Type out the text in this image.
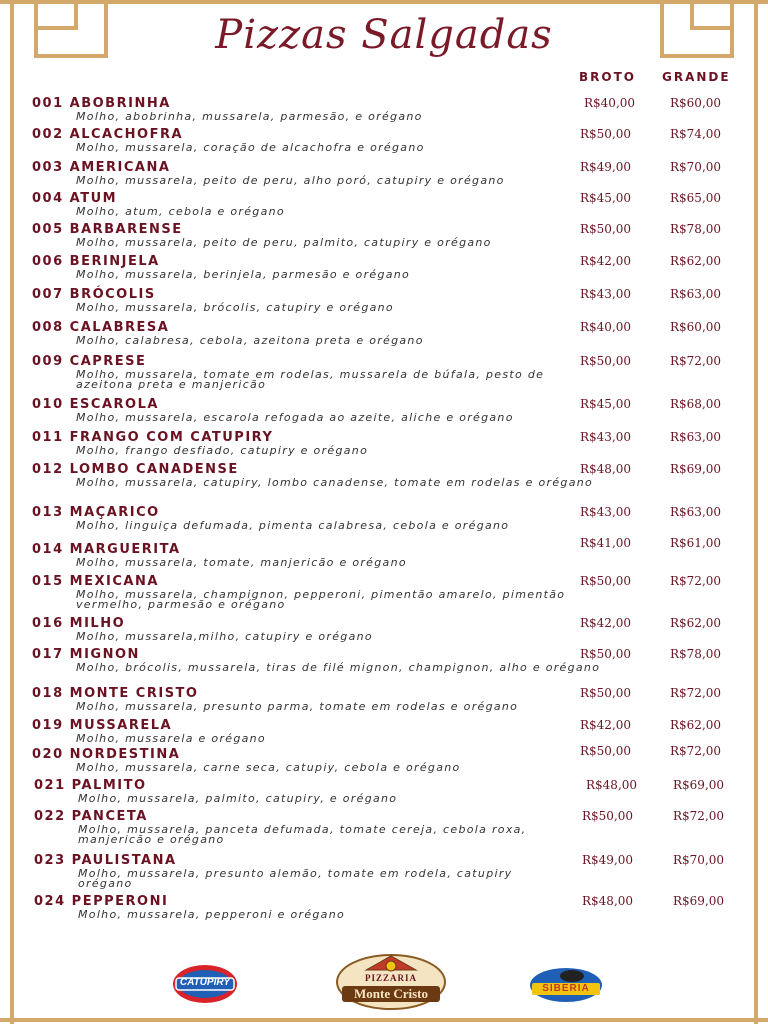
Pizzas Salgadas
BROTO GRANDE
001 ABOBRINHA
Molho, abobrinha, mussarela, parmesão, e orégano
R$40,00	R$60,00
002 ALCACHOFRA
Molho, mussarela, coração de alcachofra e orégano
R$50,00	R$74,00
003 AMERICANA
Molho, mussarela, peito de peru, alho poró, catupiry e orégano
R$49,00	R$70,00
004 ATUM
Molho, atum, cebola e orégano
R$45,00	R$65,00
005 BARBARENSE
Molho, mussarela, peito de peru, palmito, catupiry e orégano
R$50,00	R$78,00
006 BERINJELA
Molho, mussarela, berinjela, parmesão e orégano
R$42,00	R$62,00
007 BRÓCOLIS
Molho, mussarela, brócolis, catupiry e orégano
R$43,00	R$63,00
008 CALABRESA
Molho, calabresa, cebola, azeitona preta e orégano
R$40,00	R$60,00
009 CAPRESE
Molho, mussarela, tomate em rodelas, mussarela de búfala, pesto de azeitona preta e manjericão
R$50,00	R$72,00
010 ESCAROLA
Molho, mussarela, escarola refogada ao azeite, aliche e orégano
R$45,00	R$68,00
011 FRANGO COM CATUPIRY
Molho, frango desfiado, catupiry e orégano
R$43,00	R$63,00
012 LOMBO CANADENSE
Molho, mussarela, catupiry, lombo canadense, tomate em rodelas e orégano
R$48,00	R$69,00
013 MAÇARICO
Molho, linguiça defumada, pimenta calabresa, cebola e orégano
R$43,00	R$63,00
014 MARGUERITA
Molho, mussarela, tomate, manjericão e orégano
R$41,00	R$61,00
015 MEXICANA
Molho, mussarela, champignon, pepperoni, pimentão amarelo, pimentão vermelho, parmesão e orégano
R$50,00	R$72,00
016 MILHO
Molho, mussarela,milho, catupiry e orégano
R$42,00	R$62,00
017 MIGNON
Molho, brócolis, mussarela, tiras de filé mignon, champignon, alho e orégano
R$50,00	R$78,00
018 MONTE CRISTO
Molho, mussarela, presunto parma, tomate em rodelas e orégano
R$50,00	R$72,00
019 MUSSARELA
Molho, mussarela e orégano
R$42,00	R$62,00
020 NORDESTINA
Molho, mussarela, carne seca, catupiy, cebola e orégano
R$50,00	R$72,00
021 PALMITO
Molho, mussarela, palmito, catupiry, e orégano
R$48,00	R$69,00
022 PANCETA
Molho, mussarela, panceta defumada, tomate cereja, cebola roxa, manjericão e orégano
R$50,00	R$72,00
023 PAULISTANA
Molho, mussarela, presunto alemão, tomate em rodela, catupiry orégano
R$49,00	R$70,00
024 PEPPERONI
Molho, mussarela, pepperoni e orégano
R$48,00	R$69,00
CATUPIRY	PIZZARIA
Monte Cristo	SIBERIA
